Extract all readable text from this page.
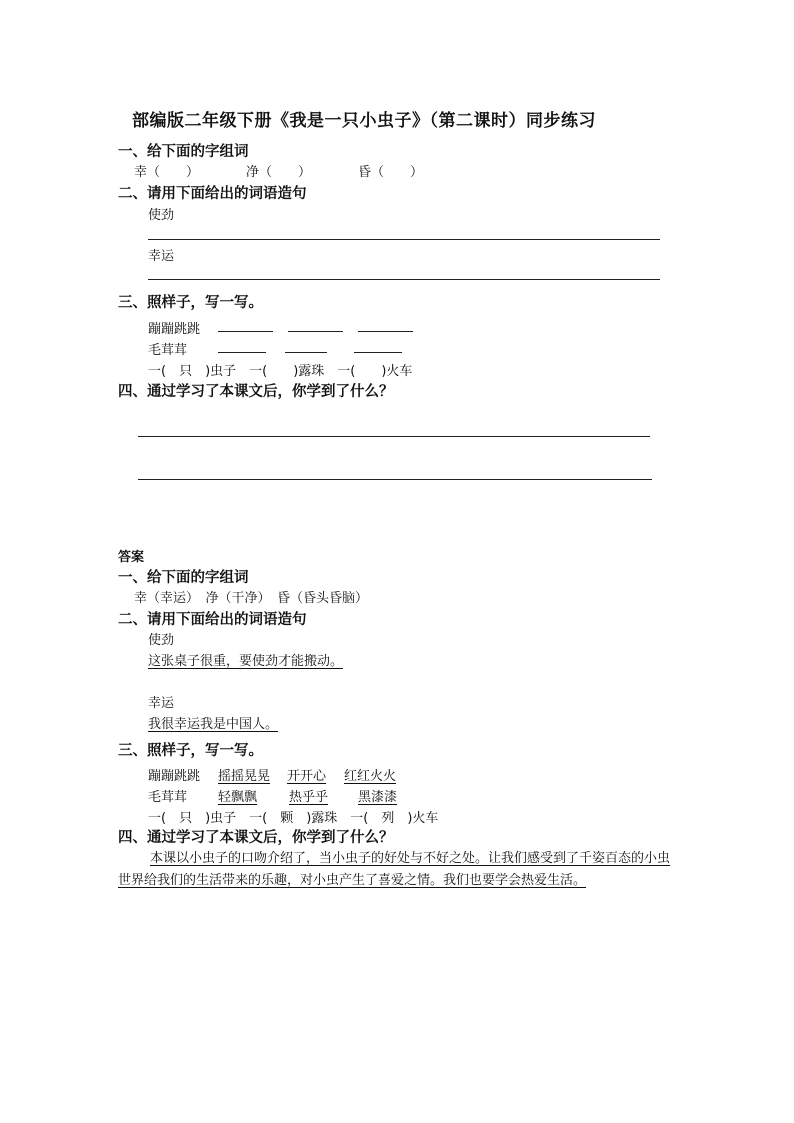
部编版二年级下册《我是一只小虫子》（第二课时）同步练习
一、给下面的字组词
幸（　　）	净（　　）	昏（　　）
二、请用下面给出的词语造句
使劲
幸运
三、照样子，写一写。
蹦蹦跳跳
毛茸茸
一(　只　)虫子　一(　　)露珠　一(　　)火车
四、通过学习了本课文后，你学到了什么？
答案
一、给下面的字组词
幸（幸运）　净（干净）　昏（昏头昏脑）
二、请用下面给出的词语造句
使劲
这张桌子很重，要使劲才能搬动。
幸运
我很幸运我是中国人。
三、照样子，写一写。
蹦蹦跳跳 摇摇晃晃 开开心 红红火火
毛茸茸 轻飘飘 热乎乎 黑漆漆
一(　只　)虫子　一(　颗　)露珠　一(　列　)火车
四、通过学习了本课文后，你学到了什么？
本课以小虫子的口吻介绍了，当小虫子的好处与不好之处。让我们感受到了千姿百态的小虫世界给我们的生活带来的乐趣，对小虫产生了喜爱之情。我们也要学会热爱生活。
